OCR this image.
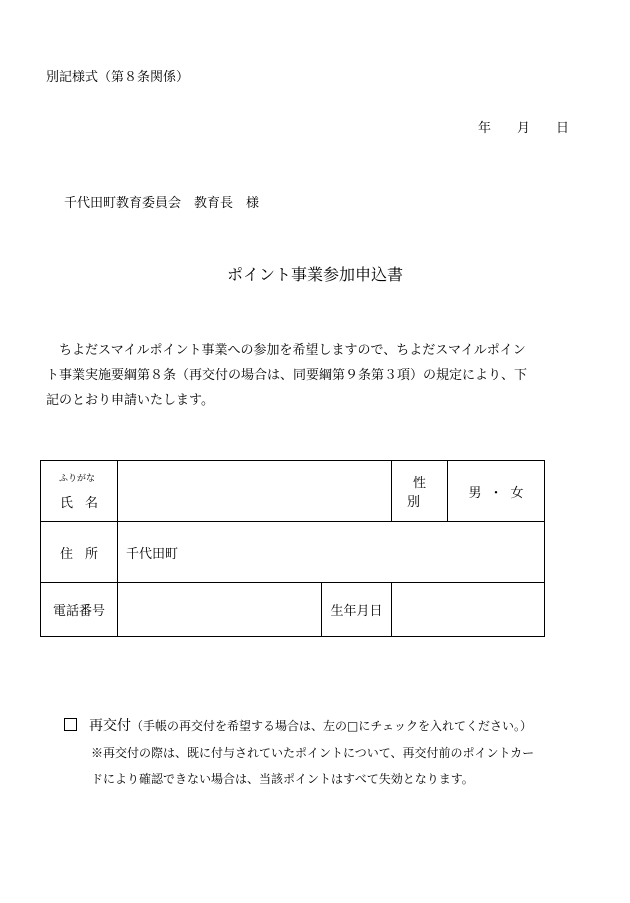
別記様式（第８条関係）
年 月 日
千代田町教育委員会　教育長　様
ポイント事業参加申込書
　ちよだスマイルポイント事業への参加を希望しますので、ちよだスマイルポイン
ト事業実施要綱第８条（再交付の場合は、同要綱第９条第３項）の規定により、下
記のとおり申請いたします。
ふりがな
氏名			性別	男・女
住所	千代田町			
電話番号		生年月日		
再交付（手帳の再交付を希望する場合は、左の□にチェックを入れてください。）
※再交付の際は、既に付与されていたポイントについて、再交付前のポイントカー
ドにより確認できない場合は、当該ポイントはすべて失効となります。
